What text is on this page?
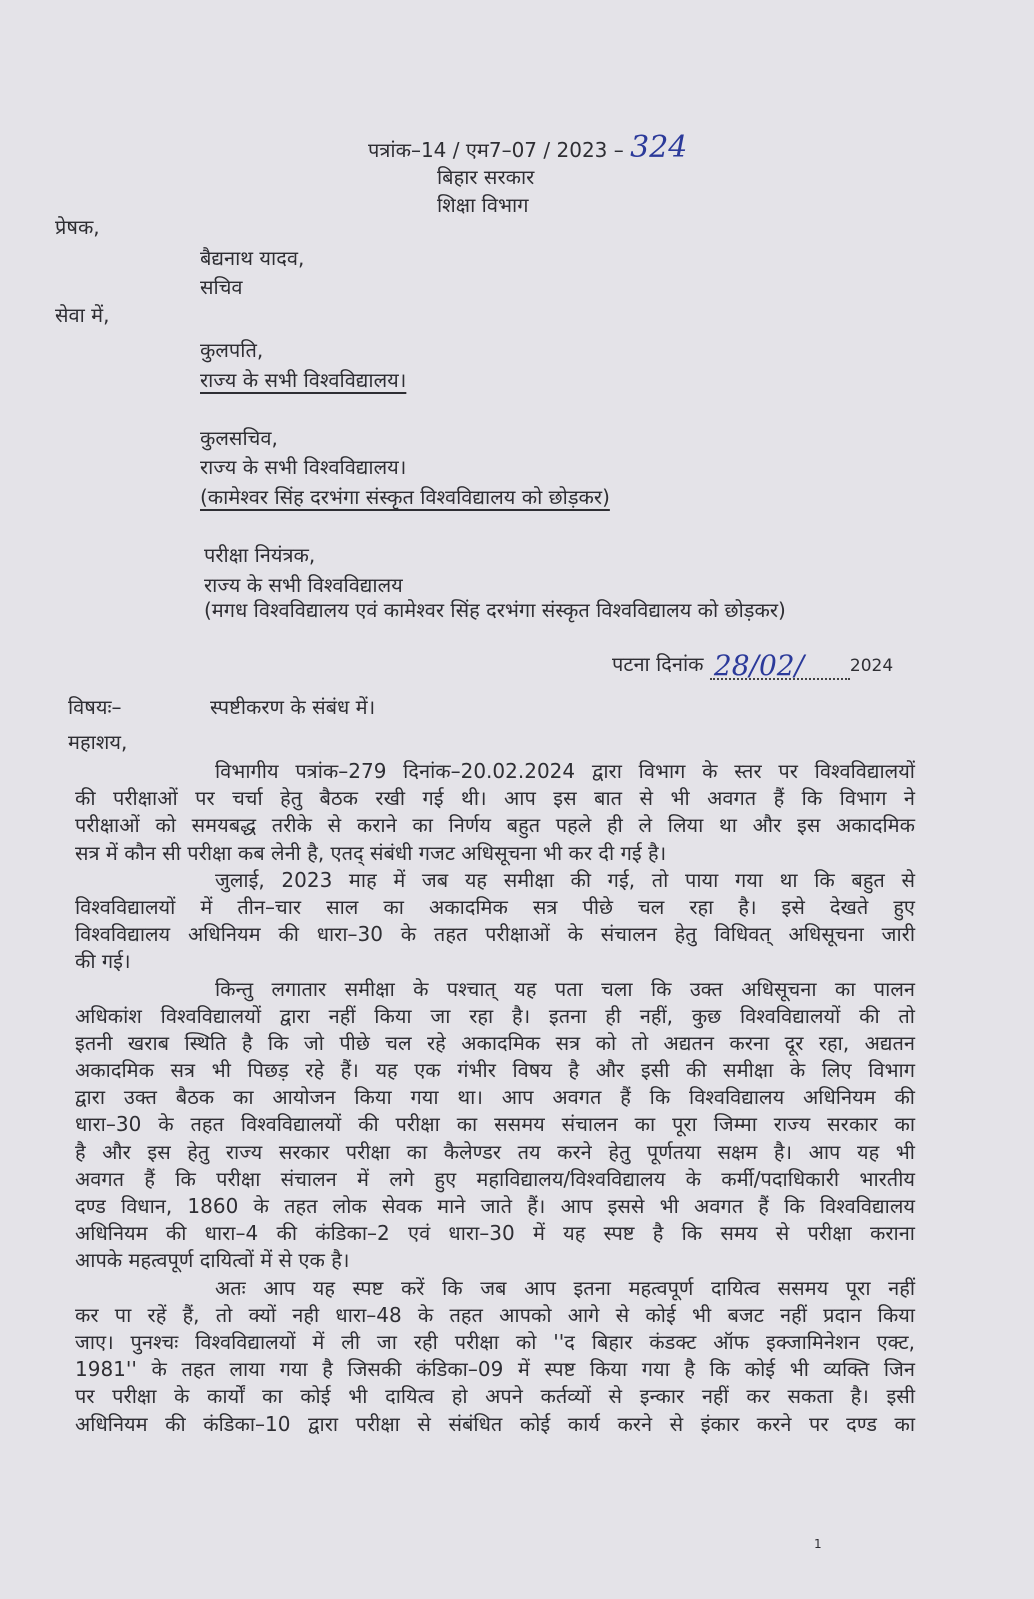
पत्रांक–14 / एम7–07 / 2023 – 324
बिहार सरकार
शिक्षा विभाग
प्रेषक,
बैद्यनाथ यादव,
सचिव
सेवा में,
कुलपति,
राज्य के सभी विश्वविद्यालय।
कुलसचिव,
राज्य के सभी विश्वविद्यालय।
(कामेश्वर सिंह दरभंगा संस्कृत विश्वविद्यालय को छोड़कर)
परीक्षा नियंत्रक,
राज्य के सभी विश्वविद्यालय
(मगध विश्वविद्यालय एवं कामेश्वर सिंह दरभंगा संस्कृत विश्वविद्यालय को छोड़कर)
पटना दिनांक 28/02/	2024
विषयः–	स्पष्टीकरण के संबंध में।
महाशय,
विभागीय पत्रांक–279 दिनांक–20.02.2024 द्वारा विभाग के स्तर पर विश्वविद्यालयों
की परीक्षाओं पर चर्चा हेतु बैठक रखी गई थी। आप इस बात से भी अवगत हैं कि विभाग ने
परीक्षाओं को समयबद्ध तरीके से कराने का निर्णय बहुत पहले ही ले लिया था और इस अकादमिक
सत्र में कौन सी परीक्षा कब लेनी है, एतद् संबंधी गजट अधिसूचना भी कर दी गई है।
जुलाई, 2023 माह में जब यह समीक्षा की गई, तो पाया गया था कि बहुत से
विश्वविद्यालयों में तीन–चार साल का अकादमिक सत्र पीछे चल रहा है। इसे देखते हुए
विश्वविद्यालय अधिनियम की धारा–30 के तहत परीक्षाओं के संचालन हेतु विधिवत् अधिसूचना जारी
की गई।
किन्तु लगातार समीक्षा के पश्चात् यह पता चला कि उक्त अधिसूचना का पालन
अधिकांश विश्वविद्यालयों द्वारा नहीं किया जा रहा है। इतना ही नहीं, कुछ विश्वविद्यालयों की तो
इतनी खराब स्थिति है कि जो पीछे चल रहे अकादमिक सत्र को तो अद्यतन करना दूर रहा, अद्यतन
अकादमिक सत्र भी पिछड़ रहे हैं। यह एक गंभीर विषय है और इसी की समीक्षा के लिए विभाग
द्वारा उक्त बैठक का आयोजन किया गया था। आप अवगत हैं कि विश्वविद्यालय अधिनियम की
धारा–30 के तहत विश्वविद्यालयों की परीक्षा का ससमय संचालन का पूरा जिम्मा राज्य सरकार का
है और इस हेतु राज्य सरकार परीक्षा का कैलेण्डर तय करने हेतु पूर्णतया सक्षम है। आप यह भी
अवगत हैं कि परीक्षा संचालन में लगे हुए महाविद्यालय/विश्वविद्यालय के कर्मी/पदाधिकारी भारतीय
दण्ड विधान, 1860 के तहत लोक सेवक माने जाते हैं। आप इससे भी अवगत हैं कि विश्वविद्यालय
अधिनियम की धारा–4 की कंडिका–2 एवं धारा–30 में यह स्पष्ट है कि समय से परीक्षा कराना
आपके महत्वपूर्ण दायित्वों में से एक है।
अतः आप यह स्पष्ट करें कि जब आप इतना महत्वपूर्ण दायित्व ससमय पूरा नहीं
कर पा रहें हैं, तो क्यों नही धारा–48 के तहत आपको आगे से कोई भी बजट नहीं प्रदान किया
जाए। पुनश्चः विश्वविद्यालयों में ली जा रही परीक्षा को ''द बिहार कंडक्ट ऑफ इक्जामिनेशन एक्ट,
1981'' के तहत लाया गया है जिसकी कंडिका–09 में स्पष्ट किया गया है कि कोई भी व्यक्ति जिन
पर परीक्षा के कार्यों का कोई भी दायित्व हो अपने कर्तव्यों से इन्कार नहीं कर सकता है। इसी
अधिनियम की कंडिका–10 द्वारा परीक्षा से संबंधित कोई कार्य करने से इंकार करने पर दण्ड का
1
